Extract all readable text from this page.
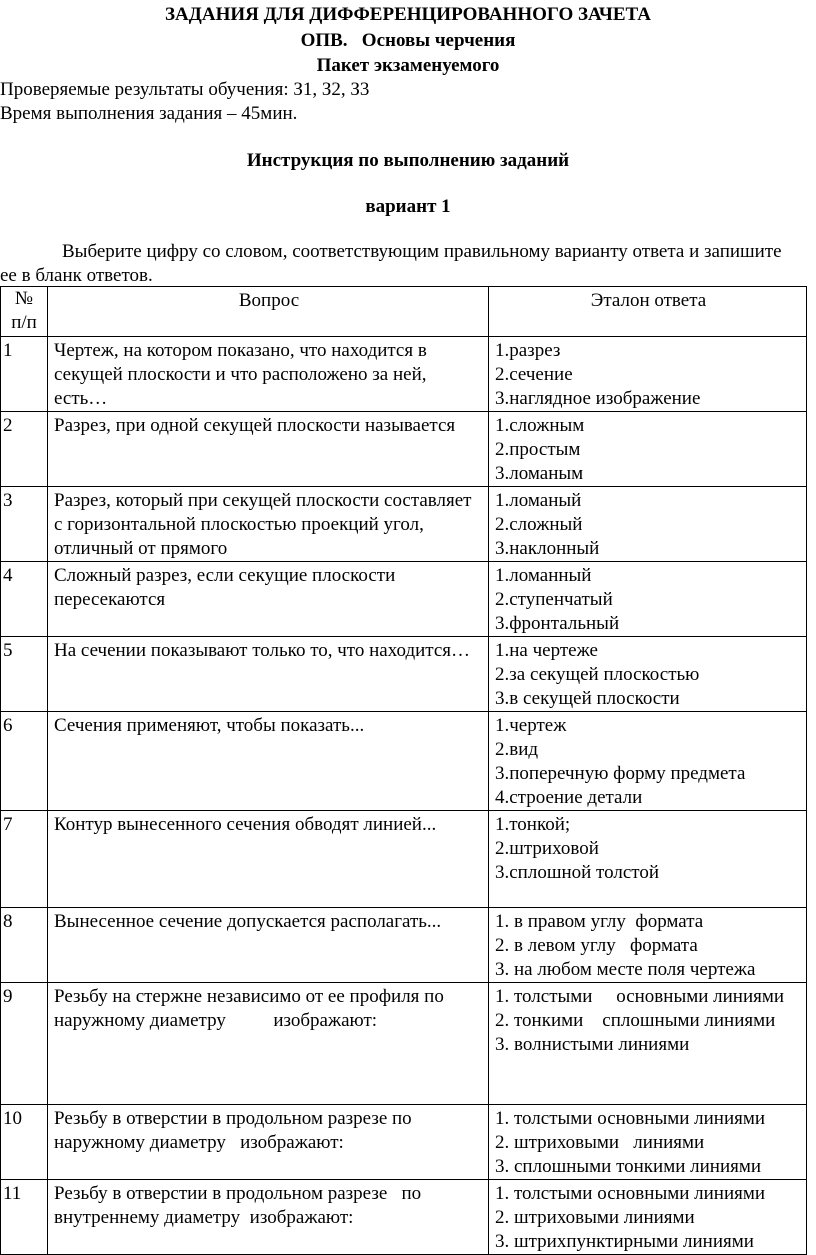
ЗАДАНИЯ ДЛЯ ДИФФЕРЕНЦИРОВАННОГО ЗАЧЕТА
ОПВ.   Основы черчения
Пакет экзаменуемого
Проверяемые результаты обучения: З1, З2, З3
Время выполнения задания – 45мин.
Инструкция по выполнению заданий
вариант 1
Выберите цифру со словом, соответствующим правильному варианту ответа и запишите ее в бланк ответов.
№
п/п	Вопрос	Эталон ответа
1	Чертеж, на котором показано, что находится в секущей плоскости и что расположено за ней, есть…	1.разрез
2.сечение
3.наглядное изображение

2	Разрез, при одной секущей плоскости называется	1.сложным
2.простым
3.ломаным

3	Разрез, который при секущей плоскости составляет с горизонтальной плоскостью проекций угол, отличный от прямого	1.ломаный
2.сложный
3.наклонный

4	Сложный разрез, если секущие плоскости пересекаются	1.ломанный
2.ступенчатый
3.фронтальный

5	На сечении показывают только то, что находится…	1.на чертеже
2.за секущей плоскостью
3.в секущей плоскости

6	Сечения применяют, чтобы показать...	1.чертеж
2.вид
3.поперечную форму предмета
4.строение детали

7	Контур вынесенного сечения обводят линией...	1.тонкой;
2.штриховой
3.сплошной толстой

8	Вынесенное сечение допускается располагать...	1. в правом углу  формата
2. в левом углу   формата
3. на любом месте поля чертежа

9	Резьбу на стержне независимо от ее профиля по наружному диаметру          изображают:	1. толстыми     основными линиями
2. тонкими    сплошными линиями
3. волнистыми линиями

10	Резьбу в отверстии в продольном разрезе по наружному диаметру   изображают:	1. толстыми основными линиями
2. штриховыми   линиями
3. сплошными тонкими линиями

11	Резьбу в отверстии в продольном разрезе   по внутреннему диаметру  изображают:	1. толстыми основными линиями
2. штриховыми линиями
3. штрихпунктирными линиями
